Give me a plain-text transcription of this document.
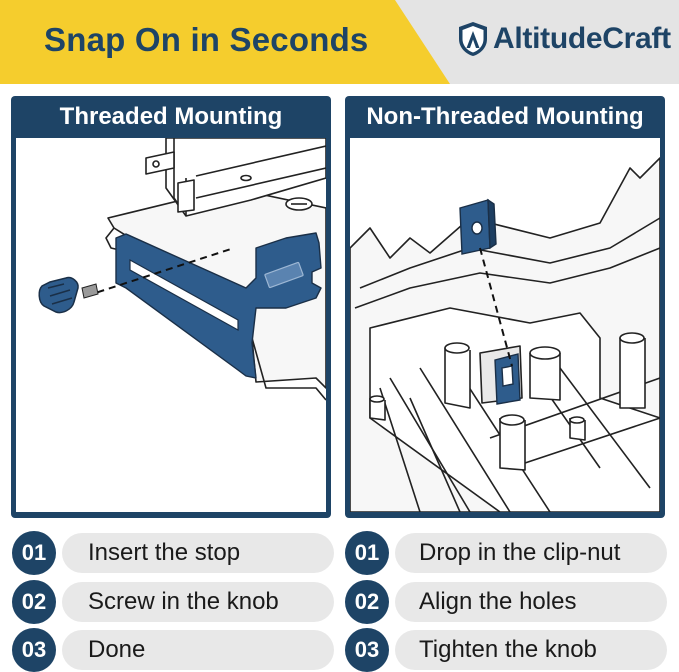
Snap On in Seconds	AltitudeCraft
Threaded Mounting	Non-Threaded Mounting
01	Insert the stop
02	Screw in the knob
03	Done
01	Drop in the clip-nut
02	Align the holes
03	Tighten the knob
